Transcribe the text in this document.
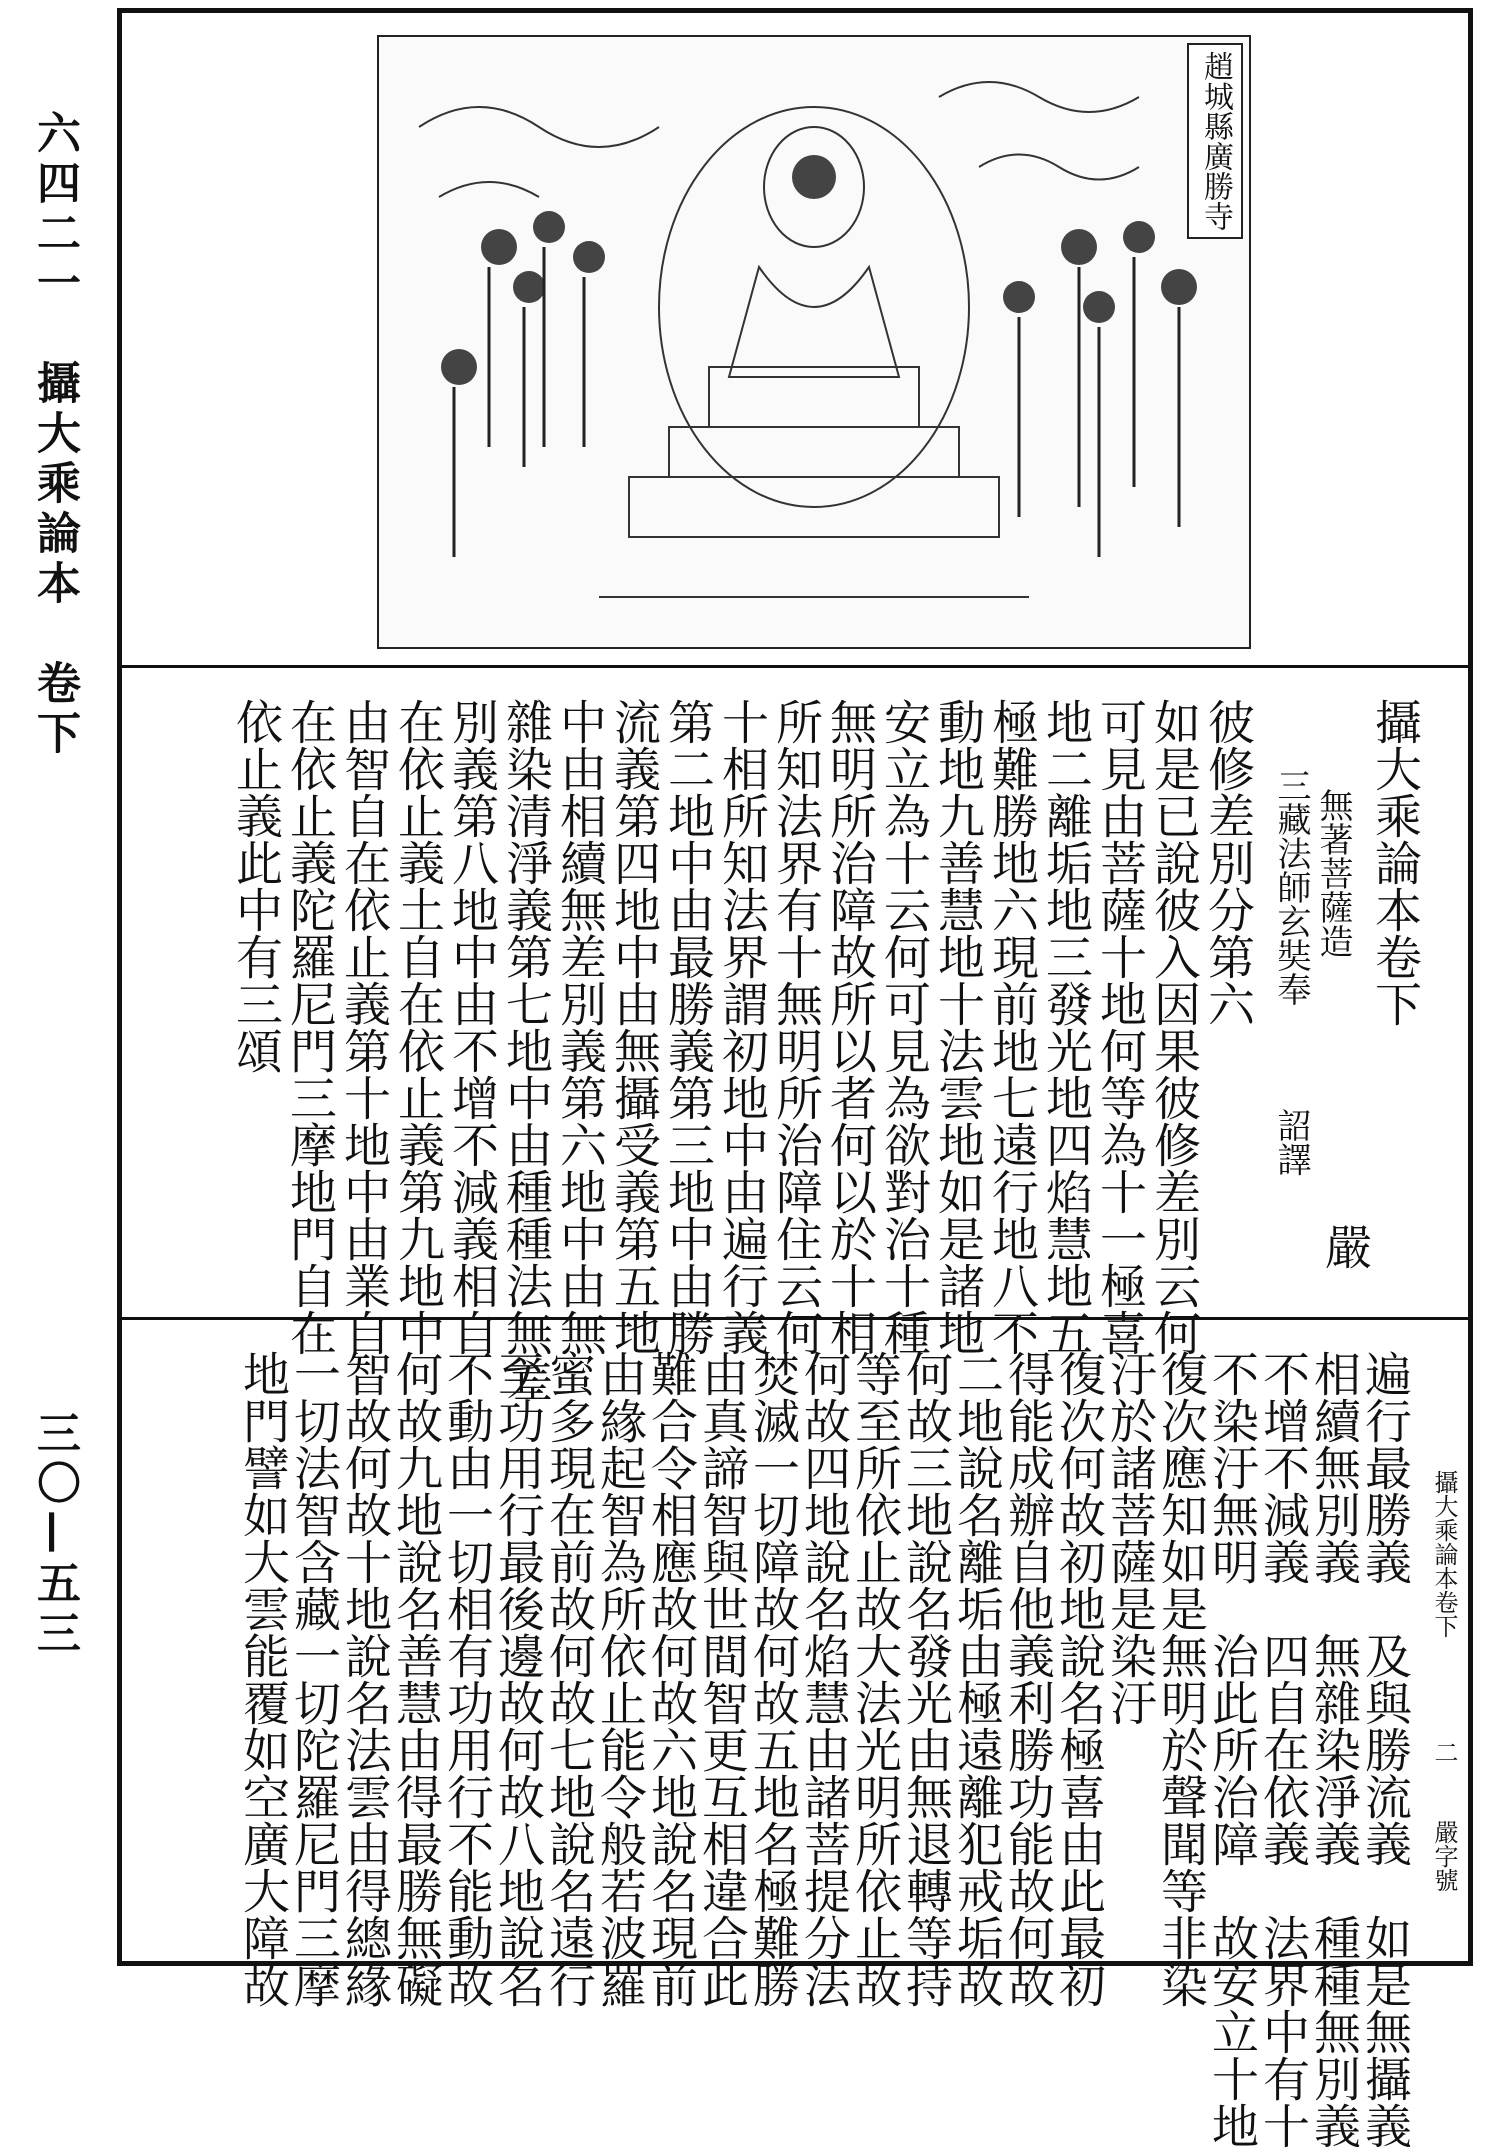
六四二一　攝大乘論本　卷下
三〇—五三
趙城縣廣勝寺
攝大乘論本卷下
無著菩薩造
三藏法師玄奘奉
詔譯
嚴
彼修差別分第六
如是已說彼入因果彼修差別云何
可見由菩薩十地何等為十一極喜
地二離垢地三發光地四焰慧地五
極難勝地六現前地七遠行地八不
動地九善慧地十法雲地如是諸地
安立為十云何可見為欲對治十種
無明所治障故所以者何以於十相
所知法界有十無明所治障住云何
十相所知法界謂初地中由遍行義
第二地中由最勝義第三地中由勝
流義第四地中由無攝受義第五地
中由相續無差別義第六地中由無
雜染清淨義第七地中由種種法無差
別義第八地中由不增不減義相自
在依止義土自在依止義第九地中
由智自在依止義第十地中由業自
在依止義陀羅尼門三摩地門自在
依止義此中有三頌
攝大乘論本卷下
二
嚴字號
遍行最勝義　及與勝流義　如是無攝義
相續無別義　無雜染淨義　種種無別義
不增不減義　四自在依義　法界中有十
不染汙無明　治此所治障　故安立十地
復次應知如是無明於聲聞等非染
汙於諸菩薩是染汙
復次何故初地說名極喜由此最初
得能成辦自他義利勝功能故何故
二地說名離垢由極遠離犯戒垢故
何故三地說名發光由無退轉等持
等至所依止故大法光明所依止故
何故四地說名焰慧由諸菩提分法
焚滅一切障故何故五地名極難勝
由真諦智與世間智更互相違合此
難合令相應故何故六地說名現前
由緣起智為所依止能令般若波羅
蜜多現在前故何故七地說名遠行
至功用行最後邊故何故八地說名
不動由一切相有功用行不能動故
何故九地說名善慧由得最勝無礙
智故何故十地說名法雲由得總緣
一切法智含藏一切陀羅尼門三摩
地門譬如大雲能覆如空廣大障故
